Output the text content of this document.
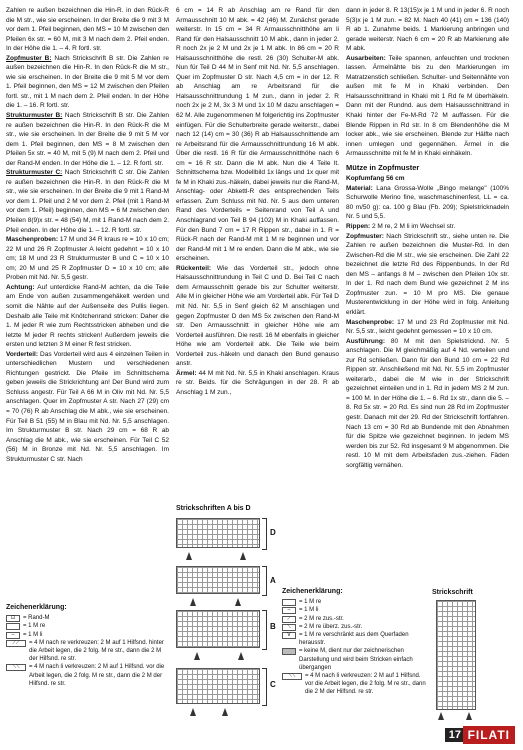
Zahlen re außen bezeichnen die Hin-R. in den Rück-R die M str., wie sie erscheinen. In der Breite die 9 mit 3 M vor dem 1. Pfeil beginnen, den MS = 10 M zwischen den Pfeilen 6x str. = 60 M, mit 3 M nach dem 2. Pfeil enden. In der Höhe die 1. – 4. R fortl. str.

Zopfmuster B: Nach Strickschrift B str. Die Zahlen re außen bezeichnen die Hin-R. In den Rück-R die M str., wie sie erscheinen. In der Breite die 9 mit 5 M vor dem 1. Pfeil beginnen, den MS = 12 M zwischen den Pfeilen fortl. str., mit 1 M nach dem 2. Pfeil enden. In der Höhe die 1. – 16. R fortl. str.

Strukturmuster B: Nach Strickschrift B str. Die Zahlen re außen bezeichnen die Hin-R. In den Rück-R die M str., wie sie erscheinen. In der Breite die 9 mit 5 M vor dem 1. Pfeil beginnen, den MS = 8 M zwischen den Pfeilen 5x str. = 40 M, mit 5 (9) M nach dem 2. Pfeil und der Rand-M enden. In der Höhe die 1. – 12. R fortl. str.

Strukturmuster C: Nach Strickschrift C str. Die Zahlen re außen bezeichnen die Hin-R. In den Rück-R die M str., wie sie erscheinen. In der Breite die 9 mit 1 Rand-M vor dem 1. Pfeil und 2 M vor dem 2. Pfeil (mit 1 Rand-M vor dem 1. Pfeil) beginnen, den MS = 6 M zwischen den Pfeilen 8(9)x str. = 48 (54) M, mit 1 Rand-M nach dem 2. Pfeil enden. In der Höhe die 1. – 12. R fortl. str.

Maschenproben: 17 M und 34 R kraus re = 10 x 10 cm; 22 M und 26 R Zopfmuster A leicht gedehnt = 10 x 10 cm; 18 M und 23 R Strukturmuster B und C = 10 x 10 cm; 20 M und 25 R Zopfmuster D = 10 x 10 cm; alle Proben mit Nd. Nr. 5,5 gestr.

Achtung: Auf unterdicke Rand-M achten, da die Teile am Ende von außen zusammengehäkelt werden und somit die Nähte auf der Außenseite des Pullis liegen. Deshalb alle Teile mit Knötchenrand stricken: Daher die 1. M jeder R wie zum Rechtsstricken abheben und die letzte M jeder R rechts stricken! Außerdem jeweils die ersten und letzten 3 M einer R fest stricken.

Vorderteil: Das Vorderteil wird aus 4 einzelnen Teilen in unterschiedlichen Mustern und verschiedenen Richtungen gestrickt. Die Pfeile im Schnittschema geben jeweils die Strickrichtung an! Der Bund wird zum Schluss angestr. Für Teil A 66 M in Oliv mit Nd. Nr. 5,5 anschlagen. Quer im Zopfmuster A str. Nach 27 (29) cm = 70 (76) R ab Anschlag die M abk., wie sie erscheinen. Für Teil B 51 (55) M in Blau mit Nd. Nr. 5,5 anschlagen. Im Strukturmuster B str. Nach 29 cm = 68 R ab Anschlag die M abk., wie sie erscheinen. Für Teil C 52 (56) M in Bronze mit Nd. Nr. 5,5 anschlagen. Im Strukturmuster C str. Nach

Zeichenerklärung:
⊡	= Rand-M
= 1 M re
–	= 1 M li
⟋⟋	= 4 M nach re verkreuzen: 2 M auf 1 Hilfsnd. hinter die Arbeit legen, die 2 folg. M re str., dann die 2 M der Hilfsnd. re str.
⟍⟍	= 4 M nach li verkreuzen: 2 M auf 1 Hilfsnd. vor die Arbeit legen, die 2 folg. M re str., dann die 2 M der Hilfsnd. re str.

6 cm = 14 R ab Anschlag am re Rand für den Armausschnitt 10 M abk. = 42 (46) M. Zunächst gerade weiterstr. In 15 cm = 34 R Armausschnitthöhe am li Rand für den Halsausschnitt 10 M abk., dann in jeder 2. R noch 2x je 2 M und 2x je 1 M abk. In 86 cm = 20 R Halsausschnitthöhe die restl. 26 (30) Schulter-M abk. Nun für Teil D 44 M in Senf mit Nd. Nr. 5,5 anschlagen. Quer im Zopfmuster D str. Nach 4,5 cm = in der 12. R ab Anschlag am re Arbeitsrand für die Halsausschnittrundung 1 M zun., dann in jeder 2. R noch 2x je 2 M, 3x 3 M und 1x 10 M dazu anschlagen = 62 M. Alle zugenommenen M folgerichtig ins Zopfmuster einfügen. Für die Schulterbreite gerade weiterstr., dabei nach 12 (14) cm = 30 (36) R ab Halsausschnittende am re Arbeitsrand für die Armausschnittrundung 16 M abk. Über die restl. 16 R für die Armausschnitthöhe nach 6 cm = 16 R str. Dann die M abk. Nun die 4 Teile lt. Schnittschema bzw. Modellbild 1x längs und 1x quer mit fe M in Khaki zus.-häkeln, dabei jeweils nur die Rand-M, Anschlag- oder Abkettl-R des entsprechenden Teils erfassen. Zum Schluss mit Nd. Nr. 5 aus dem unteren Rand des Vorderteils = Seitenrand von Teil A und Anschlagrand von Teil B 94 (102) M in Khaki auffassen. Für den Bund 7 cm = 17 R Rippen str., dabei in 1. R = Rück-R nach der Rand-M mit 1 M re beginnen und vor der Rand-M mit 1 M re enden. Dann die M abk., wie sie erscheinen.

Rückenteil: Wie das Vorderteil str., jedoch ohne Halsausschnittrundung in Teil C und D. Bei Teil C nach dem Armausschnitt gerade bis zur Schulter weiterstr. Alle M in gleicher Höhe wie am Vorderteil abk. Für Teil D mit Nd. Nr. 5,5 in Senf gleich 62 M anschlagen und gegen Zopfmuster D den MS 5x zwischen den Rand-M str. Den Armausschnitt in gleicher Höhe wie am Vorderteil ausführen. Die restl. 16 M ebenfalls in gleicher Höhe wie am Vorderteil abk. Die Teile wie beim Vorderteil zus.-häkeln und danach den Bund genauso anstr.

Ärmel: 44 M mit Nd. Nr. 5,5 in Khaki anschlagen. Kraus re str. Beids. für die Schrägungen in der 28. R ab Anschlag 1 M zun.,

Strickschriften A bis D
D
A
B
C
Zeichenerklärung:
= 1 M re
–	= 1 M li
⟋	= 2 M re zus.-str.
⟍	= 2 M re überz. zus.-str.
ᐯ	= 1 M re verschränkt aus dem Querfaden herausstr.
= keine M, dient nur der zeichnerischen Darstellung und wird beim Stricken einfach übergangen
⟍⟍	= 4 M nach li verkreuzen: 2 M auf 1 Hilfsnd. vor die Arbeit legen, die 2 folg. M re str., dann die 2 M der Hilfsnd. re str.
Strickschrift

dann in jeder 8. R 13(15)x je 1 M und in jeder 6. R noch 5(3)x je 1 M zun. = 82 M. Nach 40 (41) cm = 136 (140) R ab 1. Zunahme beids. 1 Markierung anbringen und gerade weiterstr. Nach 6 cm = 20 R ab Markierung alle M abk.

Ausarbeiten: Teile spannen, anfeuchten und trocknen lassen. Ärmelnähte bis zu den Markierungen im Matratzenstich schließen. Schulter- und Seitennähte von außen mit fe M in Khaki verbinden. Den Halsausschnittrand in Khaki mit 1 Rd fe M überhäkeln. Dann mit der Rundnd. aus dem Halsausschnittrand in Khaki hinter der Fe-M-Rd 72 M auffassen. Für die Blende Rippen in Rd str. In 8 cm Blendenhöhe die M locker abk., wie sie erscheinen. Blende zur Hälfte nach innen umlegen und gegennähen. Ärmel in die Armausschnitte mit fe M in Khaki einhäkeln.

Mütze in Zopfmuster

Kopfumfang 56 cm

Material: Lana Grossa-Wolle „Bingo melange" (100% Schurwolle Merino fine, waschmaschinenfest, LL = ca. 80 m/50 g): ca. 100 g Blau (Fb. 209); Spielstricknadeln Nr. 5 und 5,5.

Rippen: 2 M re, 2 M li im Wechsel str.

Zopfmuster: Nach Strickschrift str., siehe unten re. Die Zahlen re außen bezeichnen die Muster-Rd. In den Zwischen-Rd die M str., wie sie erscheinen. Die Zahl 22 bezeichnet die letzte Rd des Rippenbunds. In der Rd den MS – anfangs 8 M – zwischen den Pfeilen 10x str. In der 1. Rd nach dem Bund wie gezeichnet 2 M ins Zopfmuster zun. = 10 M pro MS. Die genaue Musterentwicklung in der Höhe wird in folg. Anleitung erklärt.

Maschenprobe: 17 M und 23 Rd Zopfmuster mit Nd. Nr. 5,5 str., leicht gedehnt gemessen = 10 x 10 cm.

Ausführung: 80 M mit den Spielstricknd. Nr. 5 anschlagen. Die M gleichmäßig auf 4 Nd. verteilen und zur Rd schließen. Dann für den Bund 10 cm = 22 Rd Rippen str. Anschließend mit Nd. Nr. 5,5 im Zopfmuster weiterarb., dabei die M wie in der Strickschrift gezeichnet einteilen und in 1. Rd in jedem MS 2 M zun. = 100 M. In der Höhe die 1. – 6. Rd 1x str., dann die 5. – 8. Rd 5x str. = 20 Rd. Es sind nun 28 Rd im Zopfmuster gestr. Danach mit der 29. Rd der Strickschrift fortfahren. Nach 13 cm = 30 Rd ab Bundende mit den Abnahmen für die Spitze wie gezeichnet beginnen. In jedem MS werden bis zur 52. Rd insgesamt 9 M abgenommen. Die restl. 10 M mit dem Arbeitsfaden zus.-ziehen. Fäden sorgfältig vernähen.

17 FILATI
